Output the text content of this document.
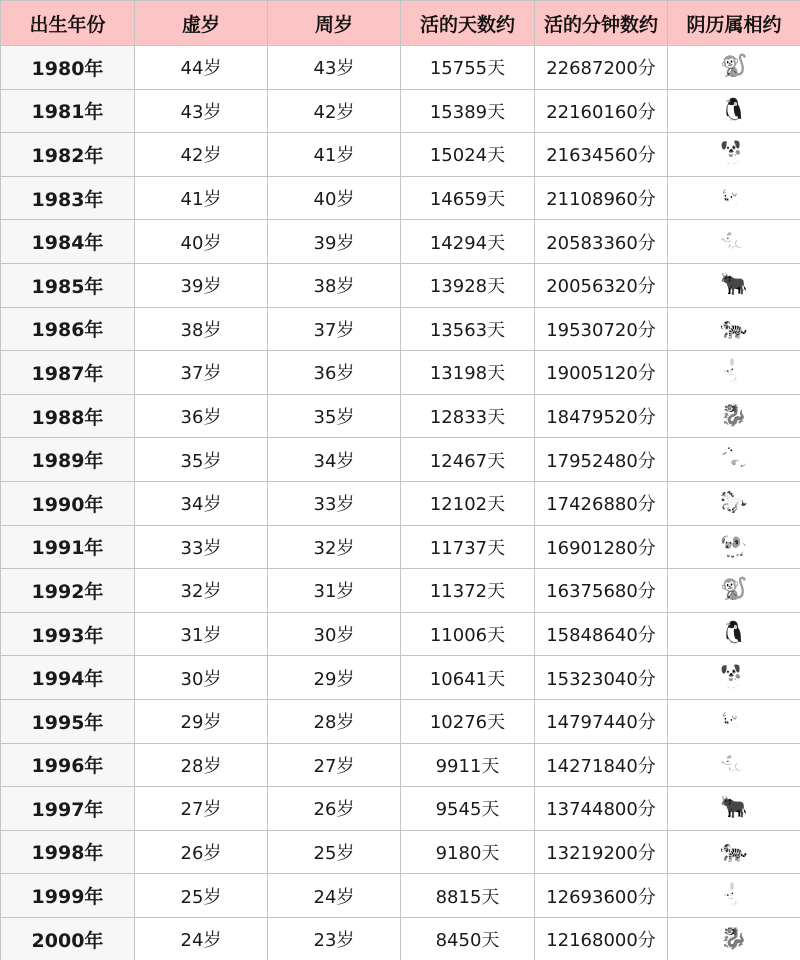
出生年份	虚岁	周岁	活的天数约	活的分钟数约	阴历属相约
1980年	44岁	43岁	15755天	22687200分	🐒
1981年	43岁	42岁	15389天	22160160分	🐧
1982年	42岁	41岁	15024天	21634560分	🐕
1983年	41岁	40岁	14659天	21108960分	🐖
1984年	40岁	39岁	14294天	20583360分	🐀
1985年	39岁	38岁	13928天	20056320分	🐂
1986年	38岁	37岁	13563天	19530720分	🐅
1987年	37岁	36岁	13198天	19005120分	🐇
1988年	36岁	35岁	12833天	18479520分	🐉
1989年	35岁	34岁	12467天	17952480分	🐍
1990年	34岁	33岁	12102天	17426880分	🐎
1991年	33岁	32岁	11737天	16901280分	🐏
1992年	32岁	31岁	11372天	16375680分	🐒
1993年	31岁	30岁	11006天	15848640分	🐧
1994年	30岁	29岁	10641天	15323040分	🐕
1995年	29岁	28岁	10276天	14797440分	🐖
1996年	28岁	27岁	9911天	14271840分	🐀
1997年	27岁	26岁	9545天	13744800分	🐂
1998年	26岁	25岁	9180天	13219200分	🐅
1999年	25岁	24岁	8815天	12693600分	🐇
2000年	24岁	23岁	8450天	12168000分	🐉
